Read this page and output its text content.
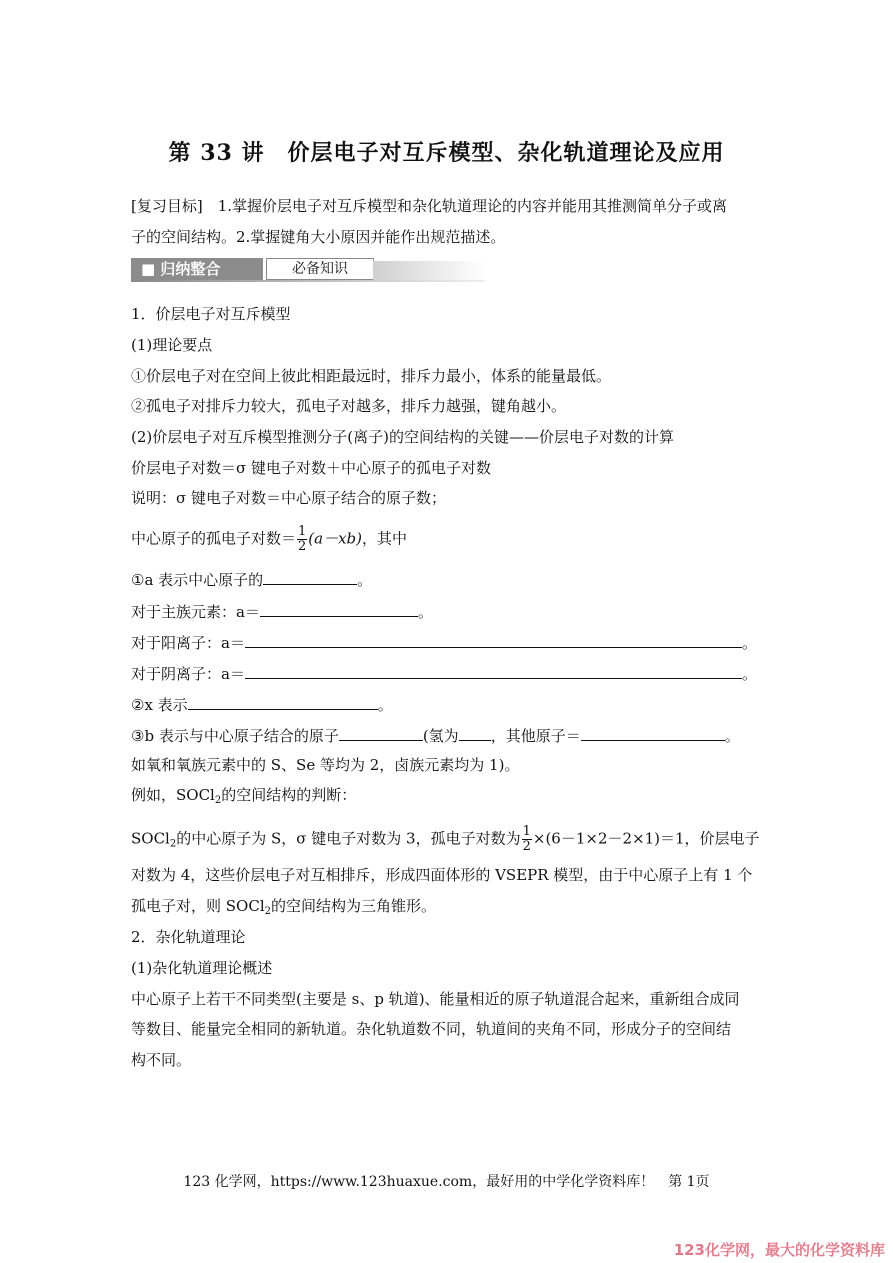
第 33 讲　价层电子对互斥模型、杂化轨道理论及应用
[复习目标]　1.掌握价层电子对互斥模型和杂化轨道理论的内容并能用其推测简单分子或离
子的空间结构。2.掌握键角大小原因并能作出规范描述。
■ 归纳整合	必备知识
1．价层电子对互斥模型
(1)理论要点
①价层电子对在空间上彼此相距最远时，排斥力最小，体系的能量最低。
②孤电子对排斥力较大，孤电子对越多，排斥力越强，键角越小。
(2)价层电子对互斥模型推测分子(离子)的空间结构的关键——价层电子对数的计算
价层电子对数＝σ 键电子对数＋中心原子的孤电子对数
说明：σ 键电子对数＝中心原子结合的原子数；
中心原子的孤电子对数＝ $\frac{1}{2} (a-xb)$，其中
①a 表示中心原子的	。
对于主族元素：a＝	。
对于阳离子：a＝	。
对于阴离子：a＝	。
②x 表示	。
③b 表示与中心原子结合的原子	(氢为 ，其他原子＝	。
如氧和氧族元素中的 S、Se 等均为 2，卤族元素均为 1)。
例如，SOCl$_2$的空间结构的判断：
SOCl$_2$的中心原子为 S，σ 键电子对数为 3，孤电子对数为 $\frac{1}{2} \times(6-1\times 2-2\times 1)=1$，价层电子
对数为 4，这些价层电子对互相排斥，形成四面体形的 VSEPR 模型，由于中心原子上有 1 个
孤电子对，则 SOCl$_2$的空间结构为三角锥形。
2．杂化轨道理论
(1)杂化轨道理论概述
中心原子上若干不同类型(主要是 s、p 轨道)、能量相近的原子轨道混合起来，重新组合成同
等数目、能量完全相同的新轨道。杂化轨道数不同，轨道间的夹角不同，形成分子的空间结
构不同。
123 化学网，https://www.123huaxue.com，最好用的中学化学资料库！　第 1页
123化学网，最大的化学资料库
